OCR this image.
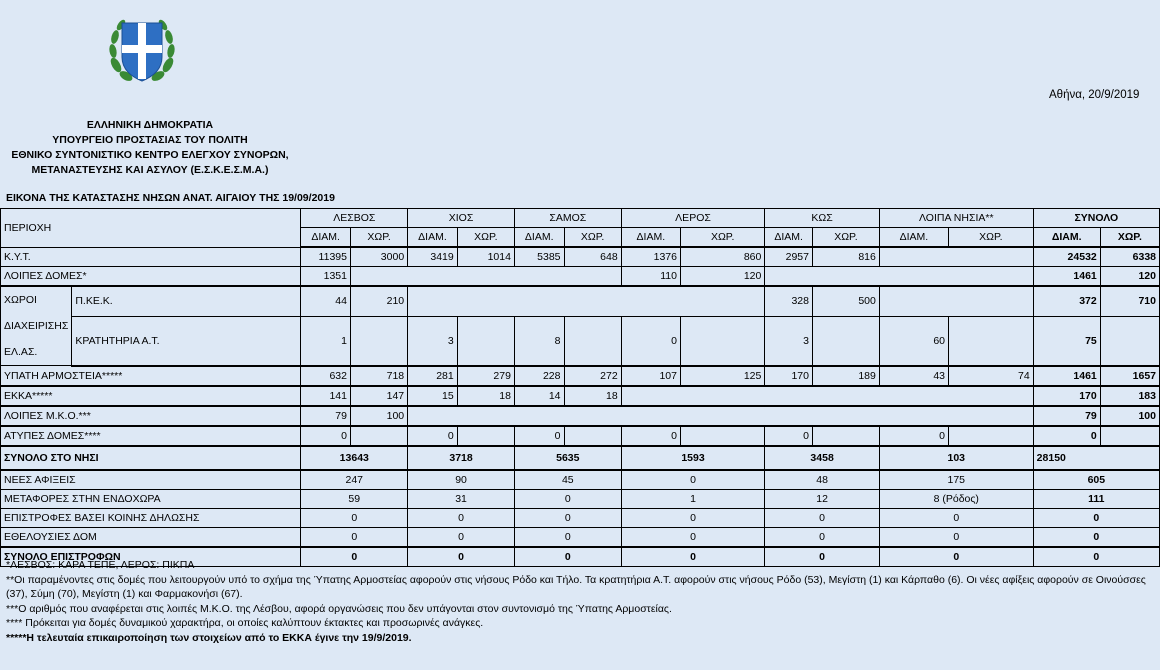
Αθήνα, 20/9/2019
ΕΛΛΗΝΙΚΗ ΔΗΜΟΚΡΑΤΙΑ
ΥΠΟΥΡΓΕΙΟ ΠΡΟΣΤΑΣΙΑΣ ΤΟΥ ΠΟΛΙΤΗ
ΕΘΝΙΚΟ ΣΥΝΤΟΝΙΣΤΙΚΟ ΚΕΝΤΡΟ ΕΛΕΓΧΟΥ ΣΥΝΟΡΩΝ,
ΜΕΤΑΝΑΣΤΕΥΣΗΣ ΚΑΙ ΑΣΥΛΟΥ (Ε.Σ.Κ.Ε.Σ.Μ.Α.)
ΕΙΚΟΝΑ ΤΗΣ ΚΑΤΑΣΤΑΣΗΣ ΝΗΣΩΝ ΑΝΑΤ. ΑΙΓΑΙΟΥ ΤΗΣ 19/09/2019
ΠΕΡΙΟΧΗ		ΛΕΣΒΟΣ		ΧΙΟΣ		ΣΑΜΟΣ		ΛΕΡΟΣ		ΚΩΣ		ΛΟΙΠΑ ΝΗΣΙΑ**		ΣΥΝΟΛΟ	
		ΔΙΑΜ.	ΧΩΡ.	ΔΙΑΜ.	ΧΩΡ.	ΔΙΑΜ.	ΧΩΡ.	ΔΙΑΜ.	ΧΩΡ.	ΔΙΑΜ.	ΧΩΡ.	ΔΙΑΜ.	ΧΩΡ.	ΔΙΑΜ.	ΧΩΡ.
Κ.Υ.Τ.		11395	3000	3419	1014	5385	648	1376	860	2957	816			24532	6338
ΛΟΙΠΕΣ ΔΟΜΕΣ*		1351						110	120					1461	120
ΧΩΡΟΙ ΔΙΑΧΕΙΡΙΣΗΣ ΕΛ.ΑΣ.	Π.ΚΕ.Κ.	44	210							328	500			372	710
	ΚΡΑΤΗΤΗΡΙΑ Α.Τ.	1		3		8		0		3		60		75	
ΥΠΑΤΗ ΑΡΜΟΣΤΕΙΑ*****		632	718	281	279	228	272	107	125	170	189	43	74	1461	1657
ΕΚΚΑ*****		141	147	15	18	14	18							170	183
ΛΟΙΠΕΣ Μ.Κ.Ο.***		79	100											79	100
ΑΤΥΠΕΣ ΔΟΜΕΣ****		0		0		0		0		0		0		0	
ΣΥΝΟΛΟ ΣΤΟ ΝΗΣΙ		13643		3718		5635		1593		3458		103		28150	
ΝΕΕΣ ΑΦΙΞΕΙΣ		247		90		45		0		48		175		605	
ΜΕΤΑΦΟΡΕΣ ΣΤΗΝ ΕΝΔΟΧΩΡΑ		59		31		0		1		12		8 (Ρόδος)		111	
ΕΠΙΣΤΡΟΦΕΣ ΒΑΣΕΙ ΚΟΙΝΗΣ ΔΗΛΩΣΗΣ		0		0		0		0		0		0		0	
ΕΘΕΛΟΥΣΙΕΣ ΔΟΜ		0		0		0		0		0		0		0	
ΣΥΝΟΛΟ ΕΠΙΣΤΡΟΦΩΝ		0		0		0		0		0		0		0	
*ΛΕΣΒΟΣ: ΚΑΡΑ ΤΕΠΕ, ΛΕΡΟΣ: ΠΙΚΠΑ
**Οι παραμένοντες στις δομές που λειτουργούν υπό το σχήμα της Ύπατης Αρμοστείας αφορούν στις νήσους Ρόδο και Τήλο. Τα κρατητήρια Α.Τ. αφορούν στις νήσους Ρόδο (53), Μεγίστη (1) και Κάρπαθο (6). Οι νέες αφίξεις αφορούν σε Οινούσσες (37), Σύμη (70), Μεγίστη (1) και Φαρμακονήσι (67).
***Ο αριθμός που αναφέρεται στις λοιπές Μ.Κ.Ο. της Λέσβου, αφορά οργανώσεις που δεν υπάγονται στον συντονισμό της Ύπατης Αρμοστείας.
**** Πρόκειται για δομές δυναμικού χαρακτήρα, οι οποίες καλύπτουν έκτακτες και προσωρινές ανάγκες.
*****Η τελευταία επικαιροποίηση των στοιχείων από το ΕΚΚΑ έγινε την 19/9/2019.
